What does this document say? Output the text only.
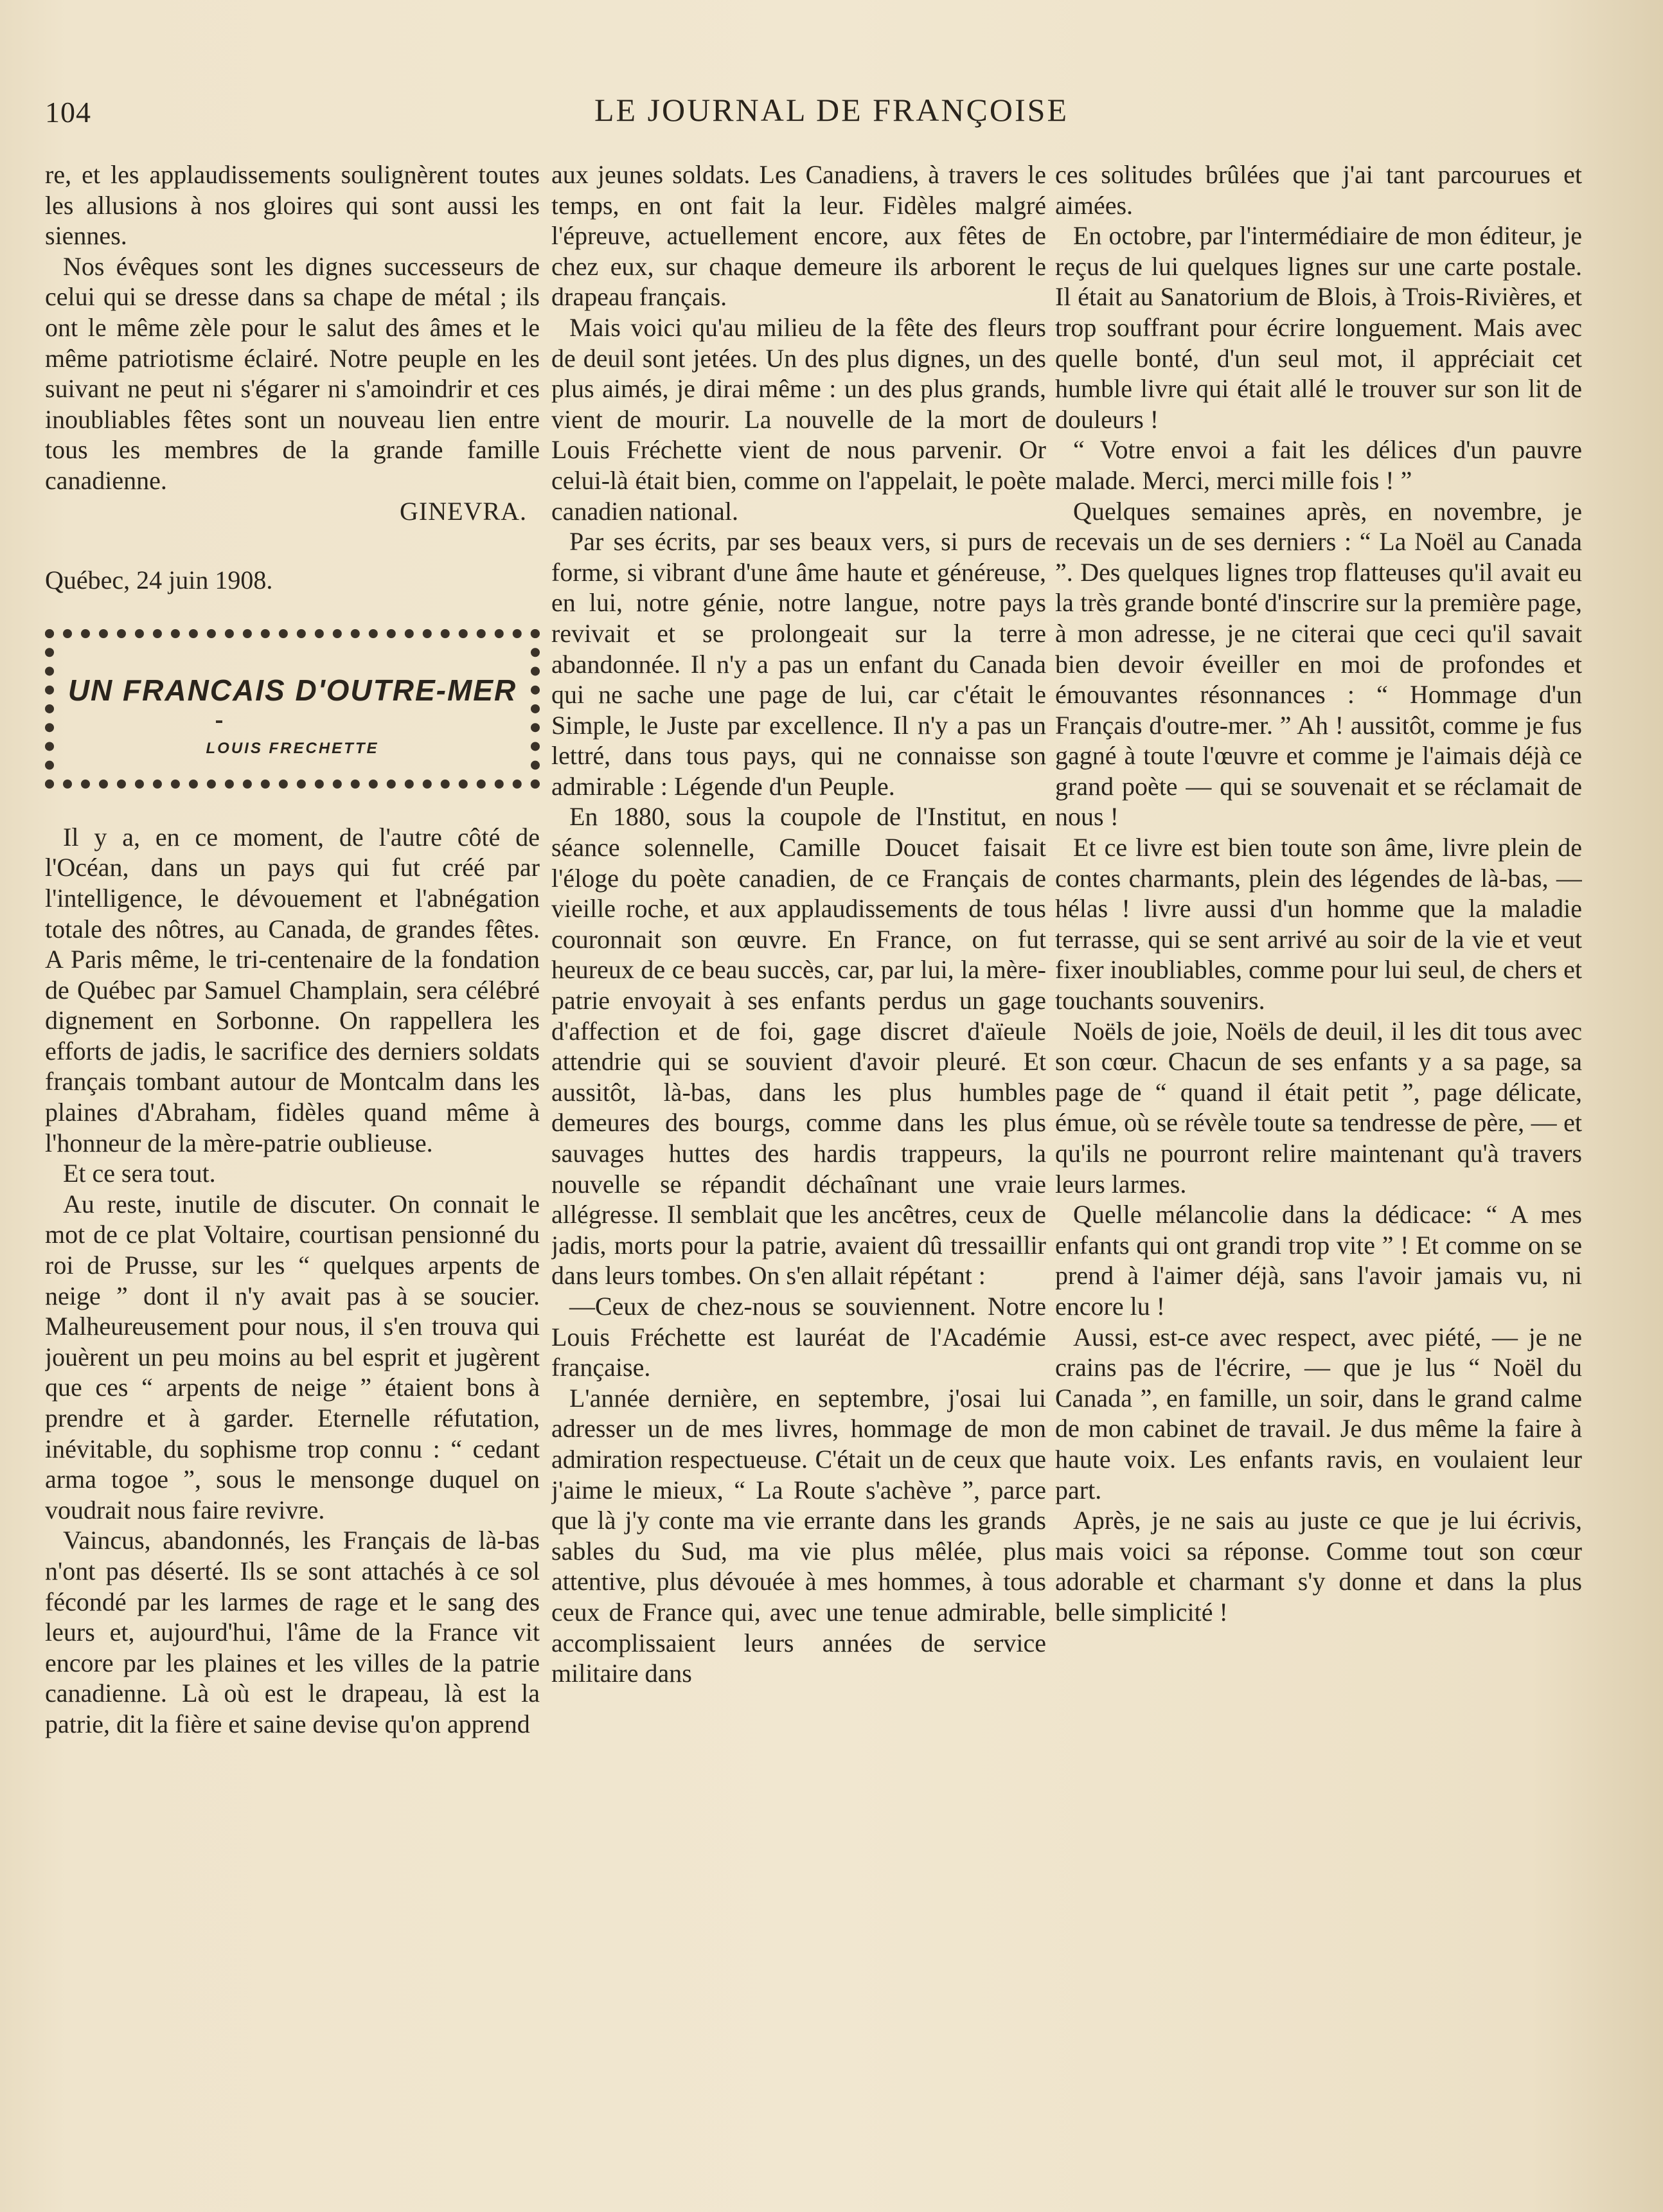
104	LE JOURNAL DE FRANÇOISE

re, et les applaudissements soulignèrent toutes les allusions à nos gloires qui sont aussi les siennes.

Nos évêques sont les dignes successeurs de celui qui se dresse dans sa chape de métal ; ils ont le même zèle pour le salut des âmes et le même patriotisme éclairé. Notre peuple en les suivant ne peut ni s'égarer ni s'amoindrir et ces inoubliables fêtes sont un nouveau lien entre tous les membres de la grande famille canadienne.

GINEVRA.

Québec, 24 juin 1908.

UN FRANCAIS D'OUTRE-MER
LOUIS FRECHETTE

Il y a, en ce moment, de l'autre côté de l'Océan, dans un pays qui fut créé par l'intelligence, le dévouement et l'abnégation totale des nôtres, au Canada, de grandes fêtes. A Paris même, le tri-centenaire de la fondation de Québec par Samuel Champlain, sera célébré dignement en Sorbonne. On rappellera les efforts de jadis, le sacrifice des derniers soldats français tombant autour de Montcalm dans les plaines d'Abraham, fidèles quand même à l'honneur de la mère-patrie oublieuse.

Et ce sera tout.

Au reste, inutile de discuter. On connait le mot de ce plat Voltaire, courtisan pensionné du roi de Prusse, sur les “ quelques arpents de neige ” dont il n'y avait pas à se soucier. Malheureusement pour nous, il s'en trouva qui jouèrent un peu moins au bel esprit et jugèrent que ces “ arpents de neige ” étaient bons à prendre et à garder. Eternelle réfutation, inévitable, du sophisme trop connu : “ cedant arma togoe ”, sous le mensonge duquel on voudrait nous faire revivre.

Vaincus, abandonnés, les Français de là-bas n'ont pas déserté. Ils se sont attachés à ce sol fécondé par les larmes de rage et le sang des leurs et, aujourd'hui, l'âme de la France vit encore par les plaines et les villes de la patrie canadienne. Là où est le drapeau, là est la patrie, dit la fière et saine devise qu'on apprend

aux jeunes soldats. Les Canadiens, à travers le temps, en ont fait la leur. Fidèles malgré l'épreuve, actuellement encore, aux fêtes de chez eux, sur chaque demeure ils arborent le drapeau français.

Mais voici qu'au milieu de la fête des fleurs de deuil sont jetées. Un des plus dignes, un des plus aimés, je dirai même : un des plus grands, vient de mourir. La nouvelle de la mort de Louis Fréchette vient de nous parvenir. Or celui-là était bien, comme on l'appelait, le poète canadien national.

Par ses écrits, par ses beaux vers, si purs de forme, si vibrant d'une âme haute et généreuse, en lui, notre génie, notre langue, notre pays revivait et se prolongeait sur la terre abandonnée. Il n'y a pas un enfant du Canada qui ne sache une page de lui, car c'était le Simple, le Juste par excellence. Il n'y a pas un lettré, dans tous pays, qui ne connaisse son admirable : Légende d'un Peuple.

En 1880, sous la coupole de l'Institut, en séance solennelle, Camille Doucet faisait l'éloge du poète canadien, de ce Français de vieille roche, et aux applaudissements de tous couronnait son œuvre. En France, on fut heureux de ce beau succès, car, par lui, la mère-patrie envoyait à ses enfants perdus un gage d'affection et de foi, gage discret d'aïeule attendrie qui se souvient d'avoir pleuré. Et aussitôt, là-bas, dans les plus humbles demeures des bourgs, comme dans les plus sauvages huttes des hardis trappeurs, la nouvelle se répandit déchaînant une vraie allégresse. Il semblait que les ancêtres, ceux de jadis, morts pour la patrie, avaient dû tressaillir dans leurs tombes. On s'en allait répétant :

—Ceux de chez-nous se souviennent. Notre Louis Fréchette est lauréat de l'Académie française.

L'année dernière, en septembre, j'osai lui adresser un de mes livres, hommage de mon admiration respectueuse. C'était un de ceux que j'aime le mieux, “ La Route s'achève ”, parce que là j'y conte ma vie errante dans les grands sables du Sud, ma vie plus mêlée, plus attentive, plus dévouée à mes hommes, à tous ceux de France qui, avec une tenue admirable, accomplissaient leurs années de service militaire dans

ces solitudes brûlées que j'ai tant parcourues et aimées.

En octobre, par l'intermédiaire de mon éditeur, je reçus de lui quelques lignes sur une carte postale. Il était au Sanatorium de Blois, à Trois-Rivières, et trop souffrant pour écrire longuement. Mais avec quelle bonté, d'un seul mot, il appréciait cet humble livre qui était allé le trouver sur son lit de douleurs !

“ Votre envoi a fait les délices d'un pauvre malade. Merci, merci mille fois ! ”

Quelques semaines après, en novembre, je recevais un de ses derniers : “ La Noël au Canada ”. Des quelques lignes trop flatteuses qu'il avait eu la très grande bonté d'inscrire sur la première page, à mon adresse, je ne citerai que ceci qu'il savait bien devoir éveiller en moi de profondes et émouvantes résonnances : “ Hommage d'un Français d'outre-mer. ” Ah ! aussitôt, comme je fus gagné à toute l'œuvre et comme je l'aimais déjà ce grand poète — qui se souvenait et se réclamait de nous !

Et ce livre est bien toute son âme, livre plein de contes charmants, plein des légendes de là-bas, — hélas ! livre aussi d'un homme que la maladie terrasse, qui se sent arrivé au soir de la vie et veut fixer inoubliables, comme pour lui seul, de chers et touchants souvenirs.

Noëls de joie, Noëls de deuil, il les dit tous avec son cœur. Chacun de ses enfants y a sa page, sa page de “ quand il était petit ”, page délicate, émue, où se révèle toute sa tendresse de père, — et qu'ils ne pourront relire maintenant qu'à travers leurs larmes.

Quelle mélancolie dans la dédicace: “ A mes enfants qui ont grandi trop vite ” ! Et comme on se prend à l'aimer déjà, sans l'avoir jamais vu, ni encore lu !

Aussi, est-ce avec respect, avec piété, — je ne crains pas de l'écrire, — que je lus “ Noël du Canada ”, en famille, un soir, dans le grand calme de mon cabinet de travail. Je dus même la faire à haute voix. Les enfants ravis, en voulaient leur part.

Après, je ne sais au juste ce que je lui écrivis, mais voici sa réponse. Comme tout son cœur adorable et charmant s'y donne et dans la plus belle simplicité !
